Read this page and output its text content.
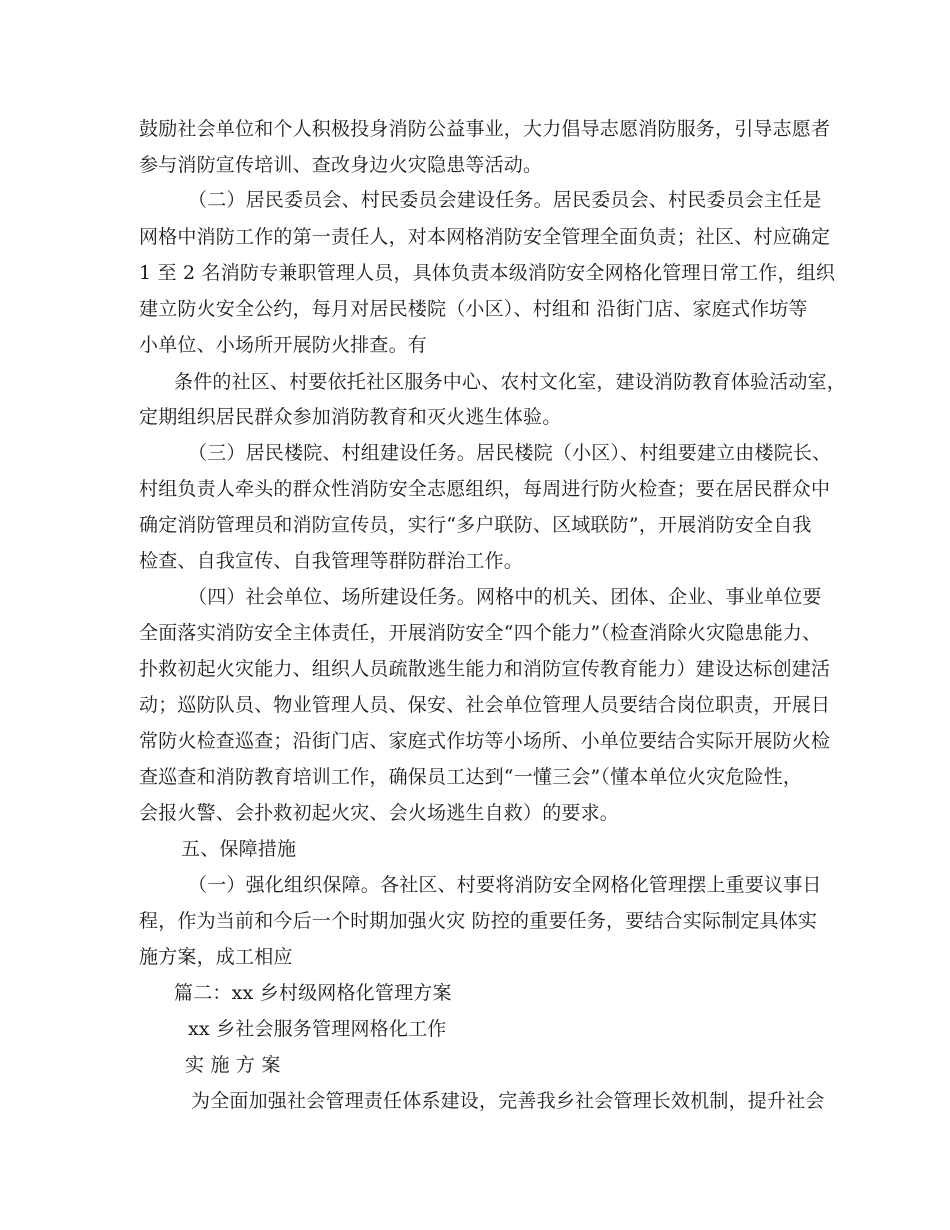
鼓励社会单位和个人积极投身消防公益事业，大力倡导志愿消防服务，引导志愿者
参与消防宣传培训、查改身边火灾隐患等活动。
（二）居民委员会、村民委员会建设任务。居民委员会、村民委员会主任是
网格中消防工作的第一责任人，对本网格消防安全管理全面负责；社区、村应确定
1 至 2 名消防专兼职管理人员，具体负责本级消防安全网格化管理日常工作，组织
建立防火安全公约，每月对居民楼院（小区）、村组和 沿街门店、家庭式作坊等
小单位、小场所开展防火排查。有
条件的社区、村要依托社区服务中心、农村文化室，建设消防教育体验活动室，
定期组织居民群众参加消防教育和灭火逃生体验。
（三）居民楼院、村组建设任务。居民楼院（小区）、村组要建立由楼院长、
村组负责人牵头的群众性消防安全志愿组织，每周进行防火检查；要在居民群众中
确定消防管理员和消防宣传员，实行“多户联防、区域联防”，开展消防安全自我
检查、自我宣传、自我管理等群防群治工作。
（四）社会单位、场所建设任务。网格中的机关、团体、企业、事业单位要
全面落实消防安全主体责任，开展消防安全“四个能力”（检查消除火灾隐患能力、
扑救初起火灾能力、组织人员疏散逃生能力和消防宣传教育能力）建设达标创建活
动；巡防队员、物业管理人员、保安、社会单位管理人员要结合岗位职责，开展日
常防火检查巡查；沿街门店、家庭式作坊等小场所、小单位要结合实际开展防火检
查巡查和消防教育培训工作，确保员工达到“一懂三会”（懂本单位火灾危险性，
会报火警、会扑救初起火灾、会火场逃生自救）的要求。
五、保障措施
（一）强化组织保障。各社区、村要将消防安全网格化管理摆上重要议事日
程，作为当前和今后一个时期加强火灾 防控的重要任务，要结合实际制定具体实
施方案，成工相应
篇二：xx 乡村级网格化管理方案
xx 乡社会服务管理网格化工作
实 施 方 案
为全面加强社会管理责任体系建设，完善我乡社会管理长效机制，提升社会
